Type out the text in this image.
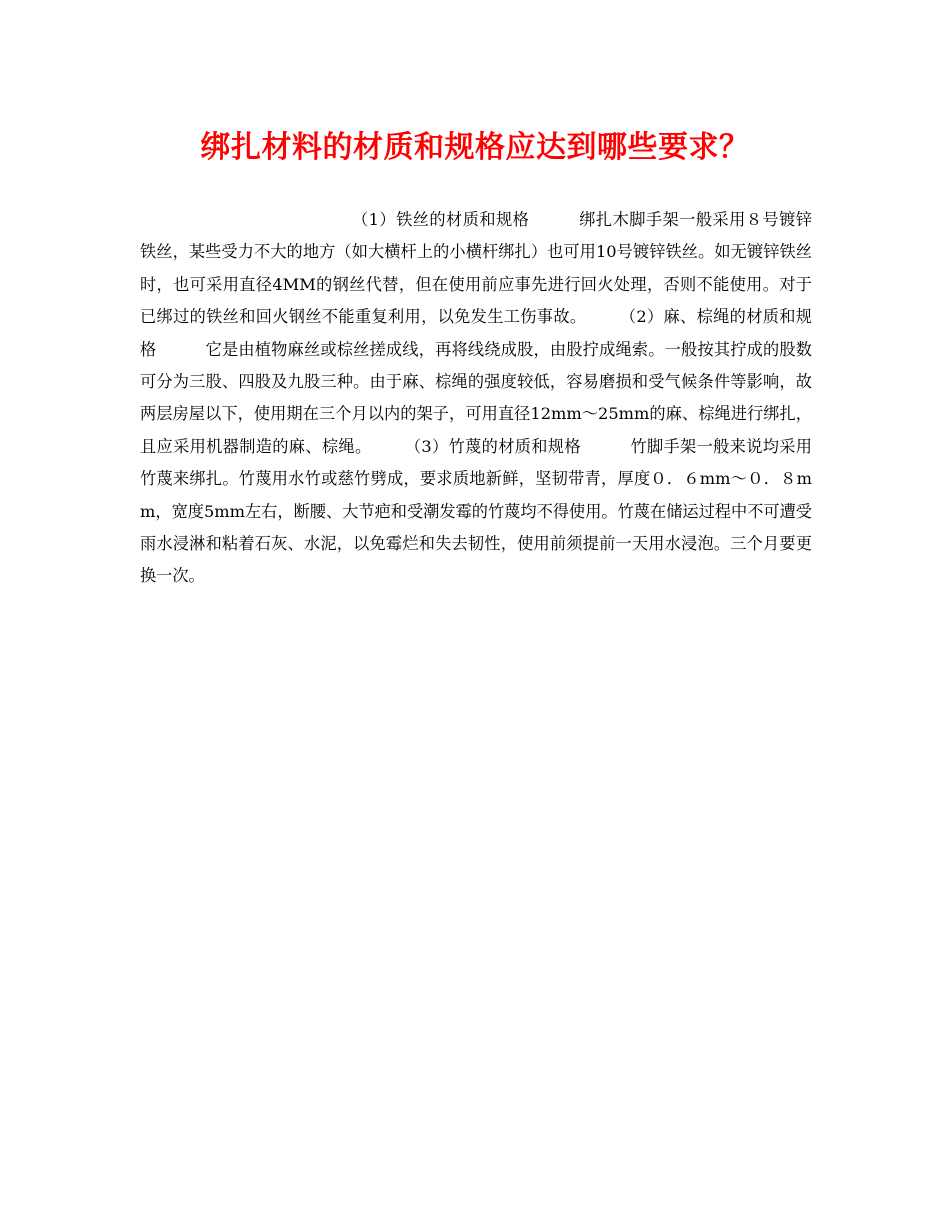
绑扎材料的材质和规格应达到哪些要求？

（1）铁丝的材质和规格　　　绑扎木脚手架一般采用８号镀锌铁丝，某些受力不大的地方（如大横杆上的小横杆绑扎）也可用10号镀锌铁丝。如无镀锌铁丝时，也可采用直径4MM的钢丝代替，但在使用前应事先进行回火处理，否则不能使用。对于已绑过的铁丝和回火钢丝不能重复利用，以免发生工伤事故。　　　（2）麻、棕绳的材质和规格　　　它是由植物麻丝或棕丝搓成线，再将线绕成股，由股拧成绳索。一般按其拧成的股数可分为三股、四股及九股三种。由于麻、棕绳的强度较低，容易磨损和受气候条件等影响，故两层房屋以下，使用期在三个月以内的架子，可用直径12mm～25mm的麻、棕绳进行绑扎，且应采用机器制造的麻、棕绳。　　　（3）竹蔑的材质和规格　　　竹脚手架一般来说均采用竹蔑来绑扎。竹蔑用水竹或慈竹劈成，要求质地新鲜，坚韧带青，厚度０．６mm～０．８mm，宽度5mm左右，断腰、大节疤和受潮发霉的竹蔑均不得使用。竹蔑在储运过程中不可遭受雨水浸淋和粘着石灰、水泥，以免霉烂和失去韧性，使用前须提前一天用水浸泡。三个月要更换一次。
